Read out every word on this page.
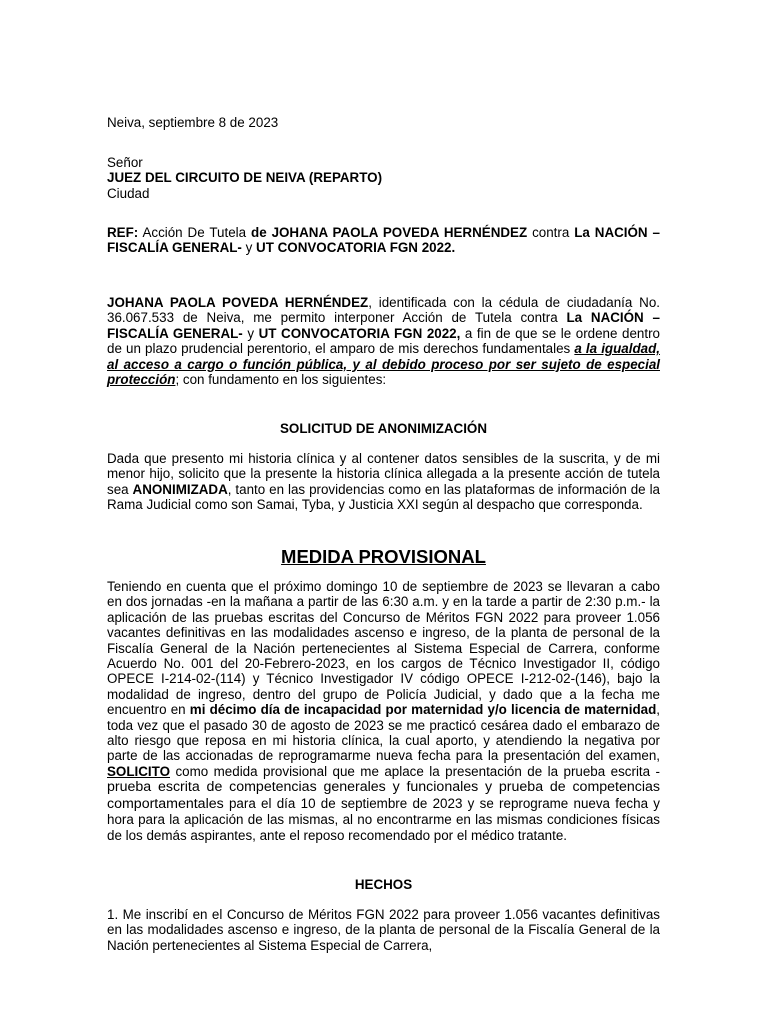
Neiva, septiembre 8 de 2023

Señor
JUEZ DEL CIRCUITO DE NEIVA (REPARTO)
Ciudad

REF: Acción De Tutela de JOHANA PAOLA POVEDA HERNÉNDEZ contra La NACIÓN – FISCALÍA GENERAL- y UT CONVOCATORIA FGN 2022.

JOHANA PAOLA POVEDA HERNÉNDEZ, identificada con la cédula de ciudadanía No. 36.067.533 de Neiva, me permito interponer Acción de Tutela contra La NACIÓN – FISCALÍA GENERAL- y UT CONVOCATORIA FGN 2022, a fin de que se le ordene dentro de un plazo prudencial perentorio, el amparo de mis derechos fundamentales a la igualdad, al acceso a cargo o función pública, y al debido proceso por ser sujeto de especial protección; con fundamento en los siguientes:

SOLICITUD DE ANONIMIZACIÓN

Dada que presento mi historia clínica y al contener datos sensibles de la suscrita, y de mi menor hijo, solicito que la presente la historia clínica allegada a la presente acción de tutela sea ANONIMIZADA, tanto en las providencias como en las plataformas de información de la Rama Judicial como son Samai, Tyba, y Justicia XXI según al despacho que corresponda.

MEDIDA PROVISIONAL

Teniendo en cuenta que el próximo domingo 10 de septiembre de 2023 se llevaran a cabo en dos jornadas -en la mañana a partir de las 6:30 a.m. y en la tarde a partir de 2:30 p.m.- la aplicación de las pruebas escritas del Concurso de Méritos FGN 2022 para proveer 1.056 vacantes definitivas en las modalidades ascenso e ingreso, de la planta de personal de la Fiscalía General de la Nación pertenecientes al Sistema Especial de Carrera, conforme Acuerdo No. 001 del 20-Febrero-2023, en los cargos de Técnico Investigador II, código OPECE I-214-02-(114) y Técnico Investigador IV código OPECE I-212-02-(146), bajo la modalidad de ingreso, dentro del grupo de Policía Judicial, y dado que a la fecha me encuentro en mi décimo día de incapacidad por maternidad y/o licencia de maternidad, toda vez que el pasado 30 de agosto de 2023 se me practicó cesárea dado el embarazo de alto riesgo que reposa en mi historia clínica, la cual aporto, y atendiendo la negativa por parte de las accionadas de reprogramarme nueva fecha para la presentación del examen, SOLICITO como medida provisional que me aplace la presentación de la prueba escrita - prueba escrita de competencias generales y funcionales y prueba de competencias comportamentales para el día 10 de septiembre de 2023 y se reprograme nueva fecha y hora para la aplicación de las mismas, al no encontrarme en las mismas condiciones físicas de los demás aspirantes, ante el reposo recomendado por el médico tratante.

HECHOS

1. Me inscribí en el Concurso de Méritos FGN 2022 para proveer 1.056 vacantes definitivas en las modalidades ascenso e ingreso, de la planta de personal de la Fiscalía General de la Nación pertenecientes al Sistema Especial de Carrera,
